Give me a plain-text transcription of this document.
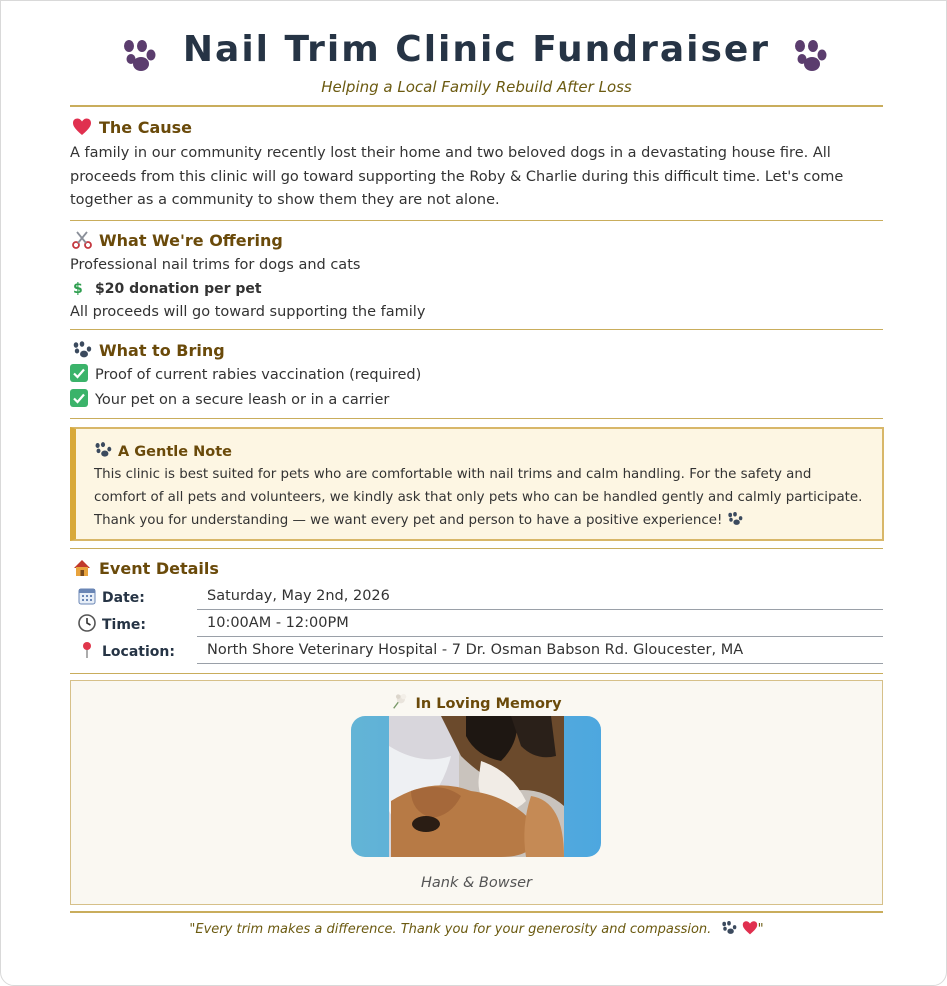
Nail Trim Clinic Fundraiser
Helping a Local Family Rebuild After Loss
The Cause
A family in our community recently lost their home and two beloved dogs in a devastating house fire. All proceeds from this clinic will go toward supporting the Roby & Charlie during this difficult time. Let's come together as a community to show them they are not alone.
What We're Offering
Professional nail trims for dogs and cats
$ $20 donation per pet
All proceeds will go toward supporting the family
What to Bring
Proof of current rabies vaccination (required)
Your pet on a secure leash or in a carrier
A Gentle Note
This clinic is best suited for pets who are comfortable with nail trims and calm handling. For the safety and comfort of all pets and volunteers, we kindly ask that only pets who can be handled gently and calmly participate. Thank you for understanding — we want every pet and person to have a positive experience!
Event Details
Date:	Saturday, May 2nd, 2026
Time:	10:00AM - 12:00PM
Location:	North Shore Veterinary Hospital - 7 Dr. Osman Babson Rd. Gloucester, MA
In Loving Memory
Hank & Bowser
"Every trim makes a difference. Thank you for your generosity and compassion.	"
